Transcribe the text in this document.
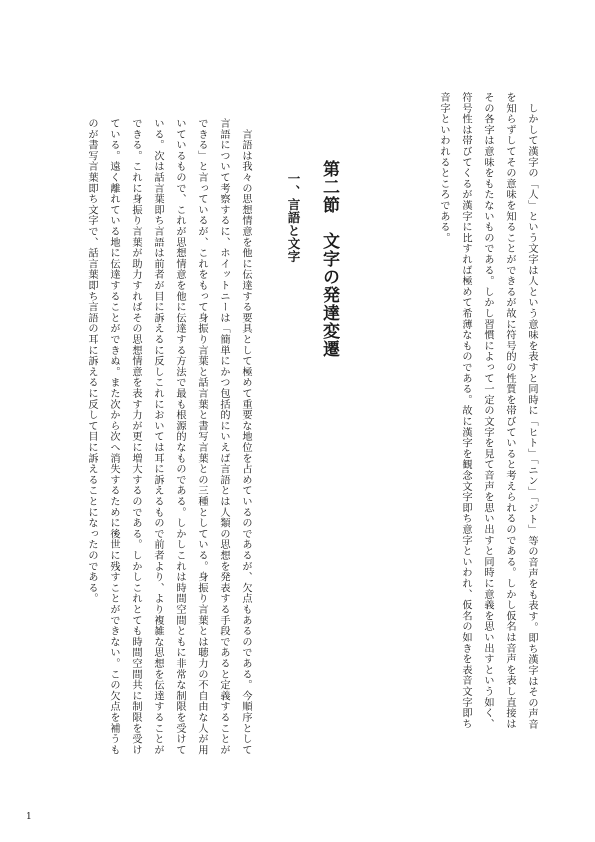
　しかして漢字の「人」という文字は人という意味を表すと同時に「ヒト」「ニン」「ジト」等の音声をも表す。即ち漢字はその声音

を知らずしてその意味を知ることができるが故に符号的の性質を帯びていると考えられるのである。しかし仮名は音声を表し直接は

その各字は意味をもたないものである。しかし習慣によって一定の文字を見て音声を思い出すと同時に意義を思い出すという如く、

符号性は帯びてくるが漢字に比すれば極めて希薄なものである。故に漢字を観念文字即ち意字といわれ、仮名の如きを表音文字即ち

音字といわれるところである。

第二節　文字の発達変遷
一、言語と文字

　言語は我々の思想情意を他に伝達する要具として極めて重要な地位を占めているのであるが、欠点もあるのである。今順序として

言語について考察するに、ホイットニーは「簡単にかつ包括的にいえば言語とは人類の思想を発表する手段であると定義することが

できる」と言っているが、これをもって身振り言葉と話言葉と書写言葉との三種としている。身振り言葉とは聴力の不自由な人が用

いているもので、これが思想情意を他に伝達する方法で最も根源的なものである。しかしこれは時間空間ともに非常な制限を受けて

いる。次は話言葉即ち言語は前者が目に訴えるに反しこれにおいては耳に訴えるもので前者より、より複雑な思想を伝達することが

できる。これに身振り言葉が助力すればその思想情意を表す力が更に増大するのである。しかしこれとても時間空間共に制限を受け

ている。遠く離れている地に伝達することができぬ。また次から次へ消失するために後世に残すことができない。この欠点を補うも

のが書写言葉即ち文字で、話言葉即ち言語の耳に訴えるに反して目に訴えることになったのである。

1
